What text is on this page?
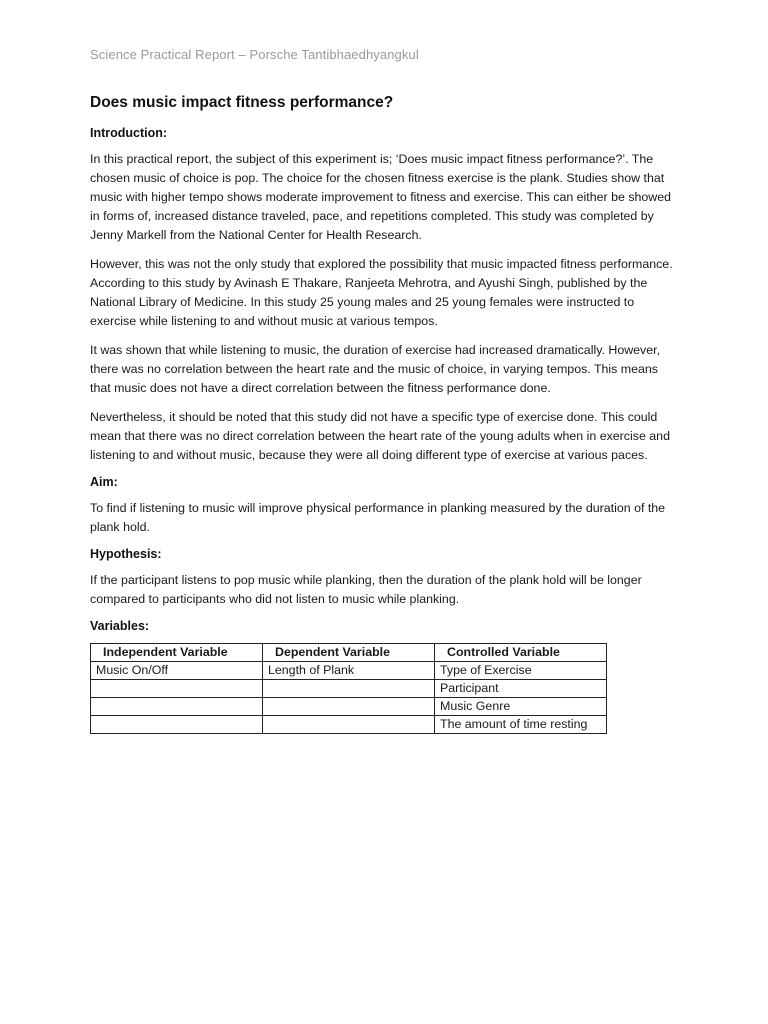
Science Practical Report – Porsche Tantibhaedhyangkul
Does music impact fitness performance?
Introduction:

In this practical report, the subject of this experiment is; ‘Does music impact fitness performance?’. The chosen music of choice is pop. The choice for the chosen fitness exercise is the plank. Studies show that music with higher tempo shows moderate improvement to fitness and exercise. This can either be showed in forms of, increased distance traveled, pace, and repetitions completed. This study was completed by Jenny Markell from the National Center for Health Research.

However, this was not the only study that explored the possibility that music impacted fitness performance. According to this study by Avinash E Thakare, Ranjeeta Mehrotra, and Ayushi Singh, published by the National Library of Medicine. In this study 25 young males and 25 young females were instructed to exercise while listening to and without music at various tempos.

It was shown that while listening to music, the duration of exercise had increased dramatically. However, there was no correlation between the heart rate and the music of choice, in varying tempos. This means that music does not have a direct correlation between the fitness performance done.

Nevertheless, it should be noted that this study did not have a specific type of exercise done. This could mean that there was no direct correlation between the heart rate of the young adults when in exercise and listening to and without music, because they were all doing different type of exercise at various paces.

Aim:

To find if listening to music will improve physical performance in planking measured by the duration of the plank hold.

Hypothesis:

If the participant listens to pop music while planking, then the duration of the plank hold will be longer compared to participants who did not listen to music while planking.

Variables:
Independent Variable	Dependent Variable	Controlled Variable
Music On/Off	Length of Plank	Type of Exercise
		Participant
		Music Genre
		The amount of time resting
